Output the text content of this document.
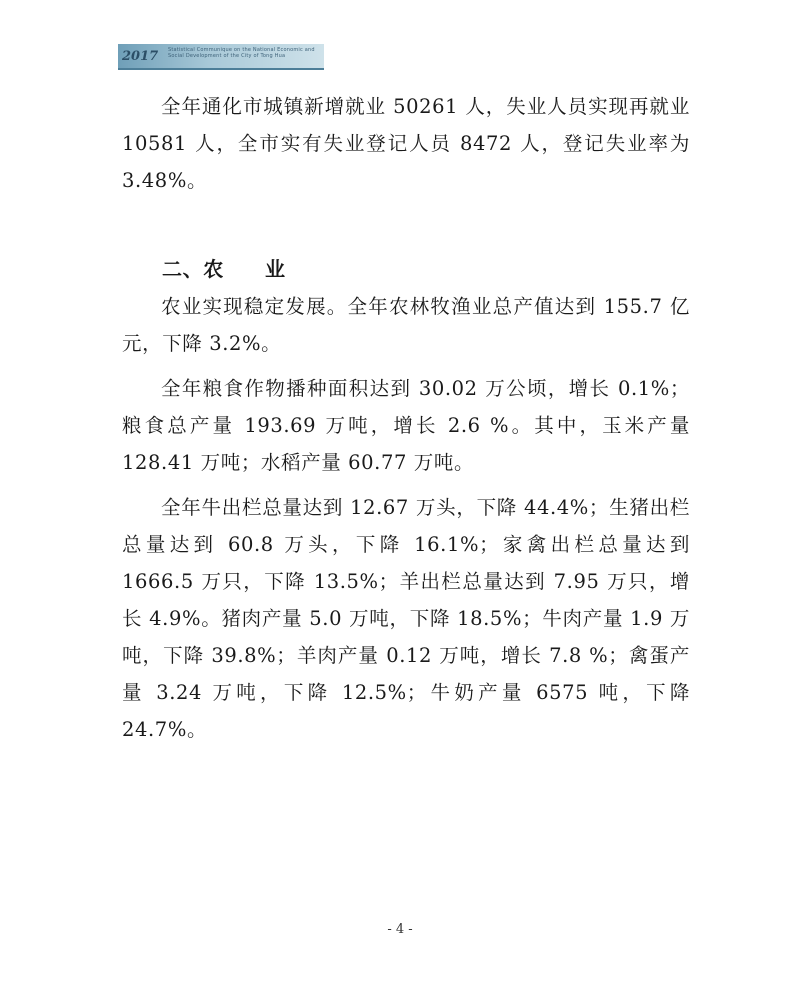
2017 Statistical Communique on the National Economic and Social Development of the City of Tong Hua

全年通化市城镇新增就业 50261 人，失业人员实现再就业 10581 人，全市实有失业登记人员 8472 人，登记失业率为 3.48%。

二、农　　业

农业实现稳定发展。全年农林牧渔业总产值达到 155.7 亿元，下降 3.2%。

全年粮食作物播种面积达到 30.02 万公顷，增长 0.1%；粮食总产量 193.69 万吨，增长 2.6 %。其中，玉米产量 128.41 万吨；水稻产量 60.77 万吨。

全年牛出栏总量达到 12.67 万头，下降 44.4%；生猪出栏总量达到 60.8 万头，下降 16.1%；家禽出栏总量达到 1666.5 万只，下降 13.5%；羊出栏总量达到 7.95 万只，增长 4.9%。猪肉产量 5.0 万吨，下降 18.5%；牛肉产量 1.9 万吨，下降 39.8%；羊肉产量 0.12 万吨，增长 7.8 %；禽蛋产量 3.24 万吨，下降 12.5%；牛奶产量 6575 吨，下降 24.7%。

- 4 -
